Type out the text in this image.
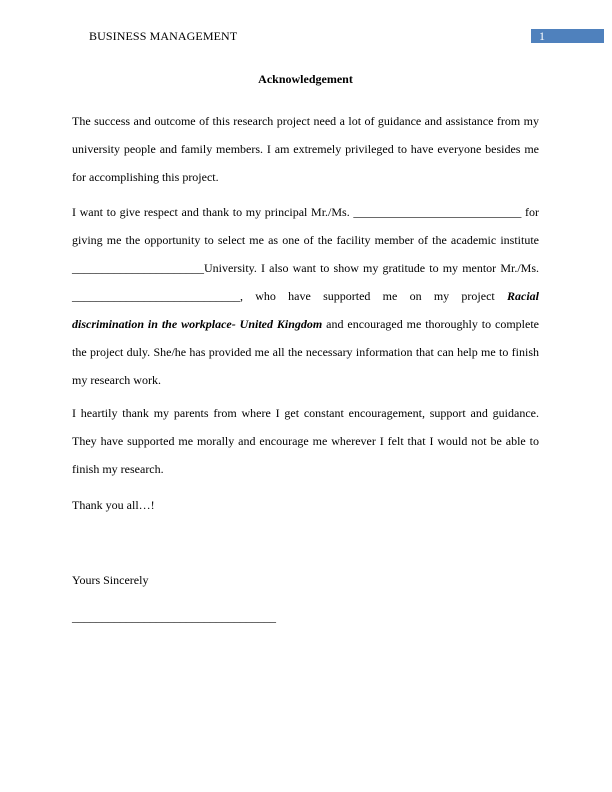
BUSINESS MANAGEMENT	1
Acknowledgement

The success and outcome of this research project need a lot of guidance and assistance from my university people and family members. I am extremely privileged to have everyone besides me for accomplishing this project.

I want to give respect and thank to my principal Mr./Ms. ____________________________ for giving me the opportunity to select me as one of the facility member of the academic institute ______________________University. I also want to show my gratitude to my mentor Mr./Ms. ____________________________, who have supported me on my project Racial discrimination in the workplace- United Kingdom and encouraged me thoroughly to complete the project duly. She/he has provided me all the necessary information that can help me to finish my research work.

I heartily thank my parents from where I get constant encouragement, support and guidance. They have supported me morally and encourage me wherever I felt that I would not be able to finish my research.

Thank you all…!

Yours Sincerely

__________________________________
